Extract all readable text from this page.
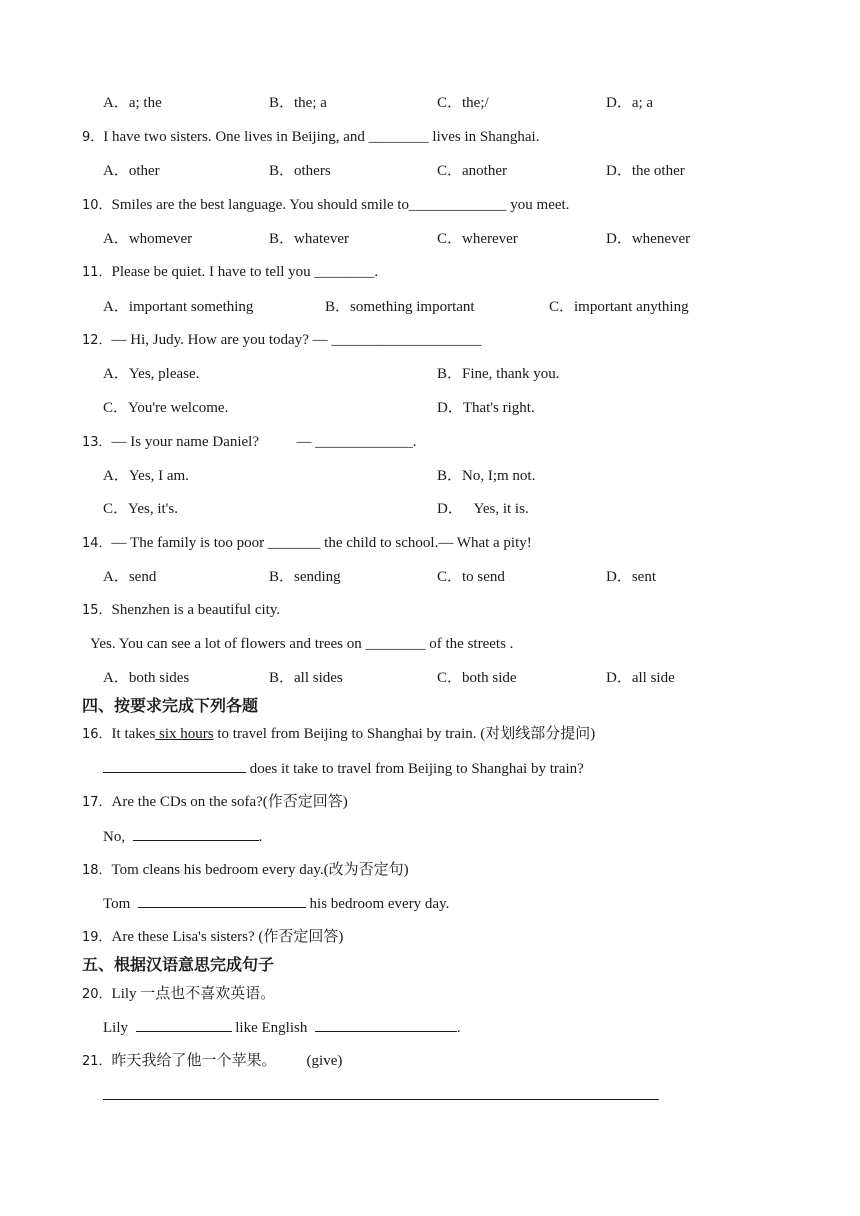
A．a; the	B．the; a	C．the;/	D．a; a
9．I have two sisters. One lives in Beijing, and ________ lives in Shanghai.
A．other	B．others	C．another	D．the other
10．Smiles are the best language. You should smile to_____________ you meet.
A．whomever	B．whatever	C．wherever	D．whenever
11．Please be quiet. I have to tell you ________.
A．important something	B．something important	C．important anything
12．— Hi, Judy. How are you today? — ____________________
A．Yes, please.	B．Fine, thank you.
C．You're welcome.	D．That's right.
13．— Is your name Daniel?          — _____________.
A．Yes, I am.	B．No, I;m not.
C．Yes, it's.	D．   Yes, it is.
14．— The family is too poor _______ the child to school.— What a pity!
A．send	B．sending	C．to send	D．sent
15．Shenzhen is a beautiful city.
Yes. You can see a lot of flowers and trees on ________ of the streets .
A．both sides	B．all sides	C．both side	D．all side
四、按要求完成下列各题
16．It takes six hours to travel from Beijing to Shanghai by train. (对划线部分提问)
does it take to travel from Beijing to Shanghai by train?
17．Are the CDs on the sofa?(作否定回答)
No,	.
18．Tom cleans his bedroom every day.(改为否定句)
Tom	his bedroom every day.
19．Are these Lisa's sisters? (作否定回答)
五、根据汉语意思完成句子
20．Lily 一点也不喜欢英语。
Lily	like English	.
21．昨天我给了他一个苹果。        (give)
